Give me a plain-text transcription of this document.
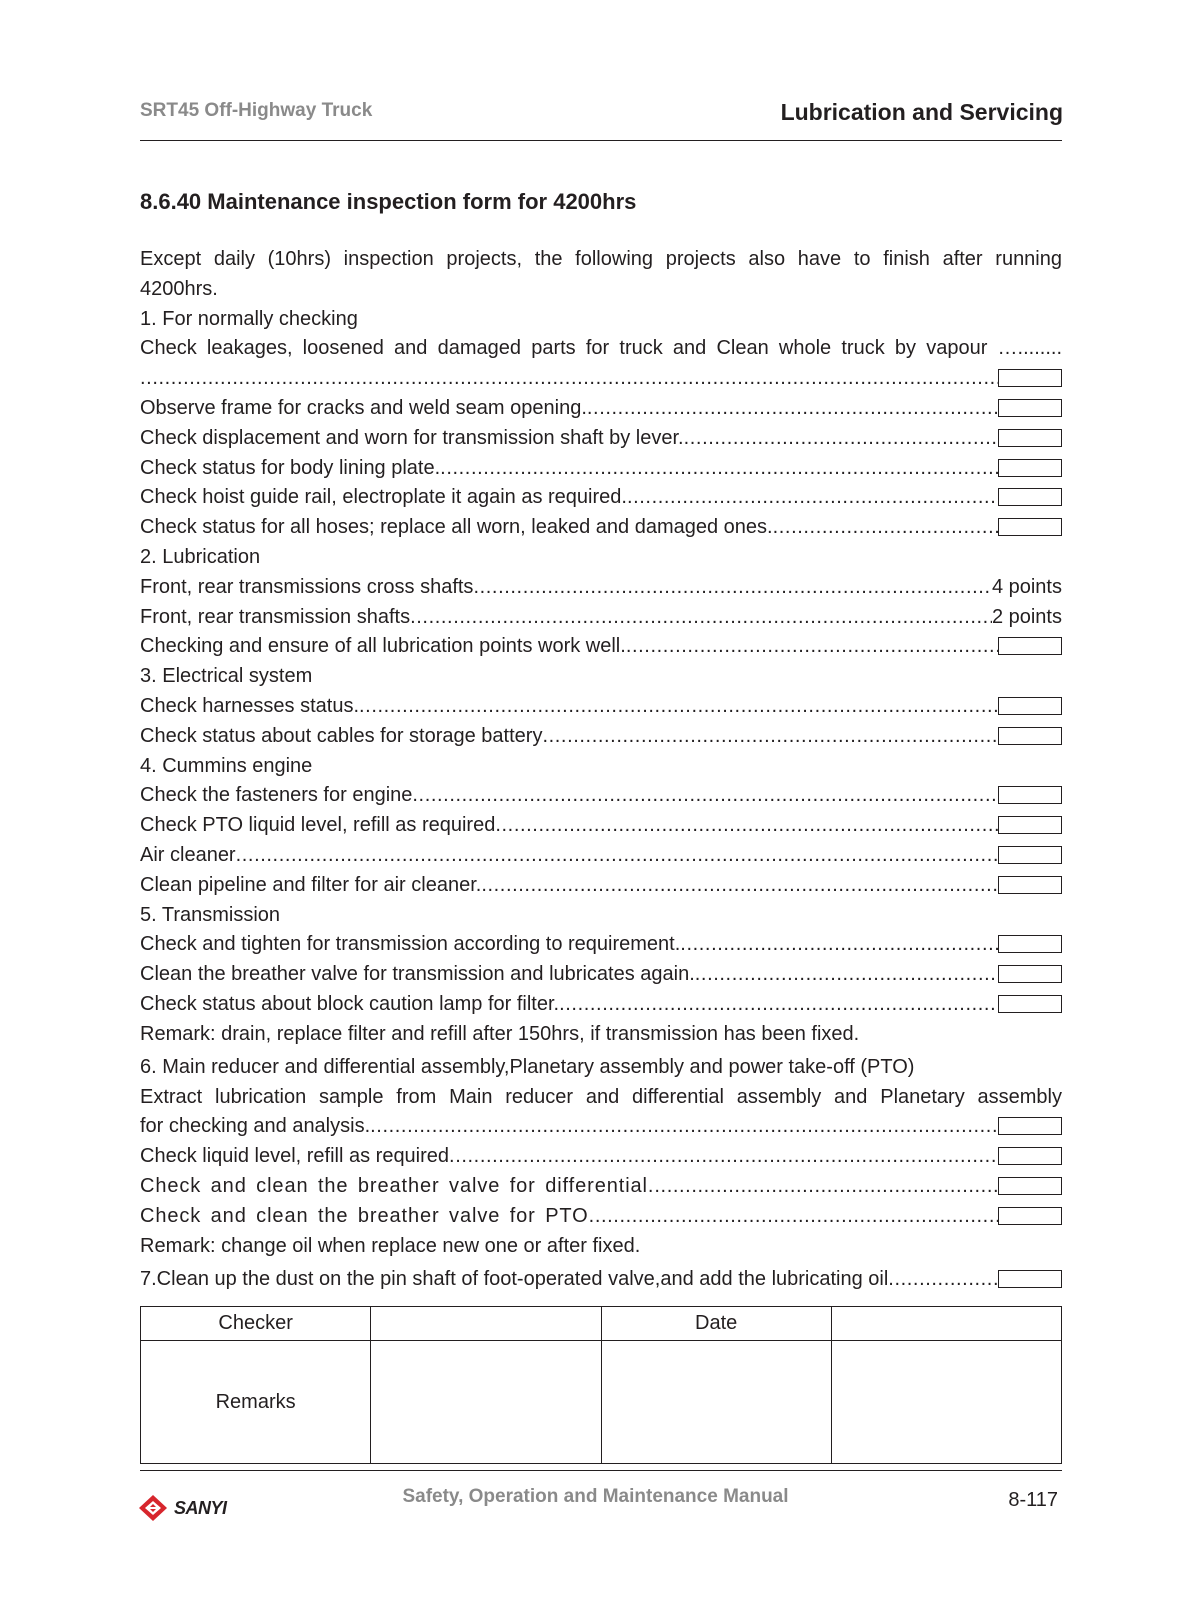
SRT45 Off-Highway Truck	Lubrication and Servicing
8.6.40 Maintenance inspection form for 4200hrs
Except daily (10hrs) inspection projects, the following projects also have to finish after running
4200hrs.
1. For normally checking
Check leakages, loosened and damaged parts for truck and Clean whole truck by vapour …........
.....
Observe frame for cracks and weld seam opening.
.....
Check displacement and worn for transmission shaft by lever.
.....
Check status for body lining plate.
.....
Check hoist guide rail, electroplate it again as required.
.....
Check status for all hoses; replace all worn, leaked and damaged ones.
.....
2. Lubrication
Front, rear transmissions cross shafts .....	4 points
Front, rear transmission shafts .....	2 points
Checking and ensure of all lubrication points work well.
.....
3. Electrical system
Check harnesses status.
.....
Check status about cables for storage battery
.....
4. Cummins engine
Check the fasteners for engine
.....
Check PTO liquid level, refill as required
.....
Air cleaner
.....
Clean pipeline and filter for air cleaner.
.....
5. Transmission
Check and tighten for transmission according to requirement.
.....
Clean the breather valve for transmission and lubricates again.
.....
Check status about block caution lamp for filter.
.....
Remark: drain, replace filter and refill after 150hrs, if transmission has been fixed.
6. Main reducer and differential assembly,Planetary assembly and power take-off (PTO)
Extract lubrication sample from Main reducer and differential assembly and Planetary assembly
for checking and analysis.
.....
Check liquid level, refill as required
.....
Check and clean the breather valve for differential.
.....
Check and clean the breather valve for PTO
.....
Remark: change oil when replace new one or after fixed.
7.Clean up the dust on the pin shaft of foot-operated valve,and add the lubricating oil
.....
Checker		Date	
Remarks			
SANYI
Safety, Operation and Maintenance Manual	8-117
